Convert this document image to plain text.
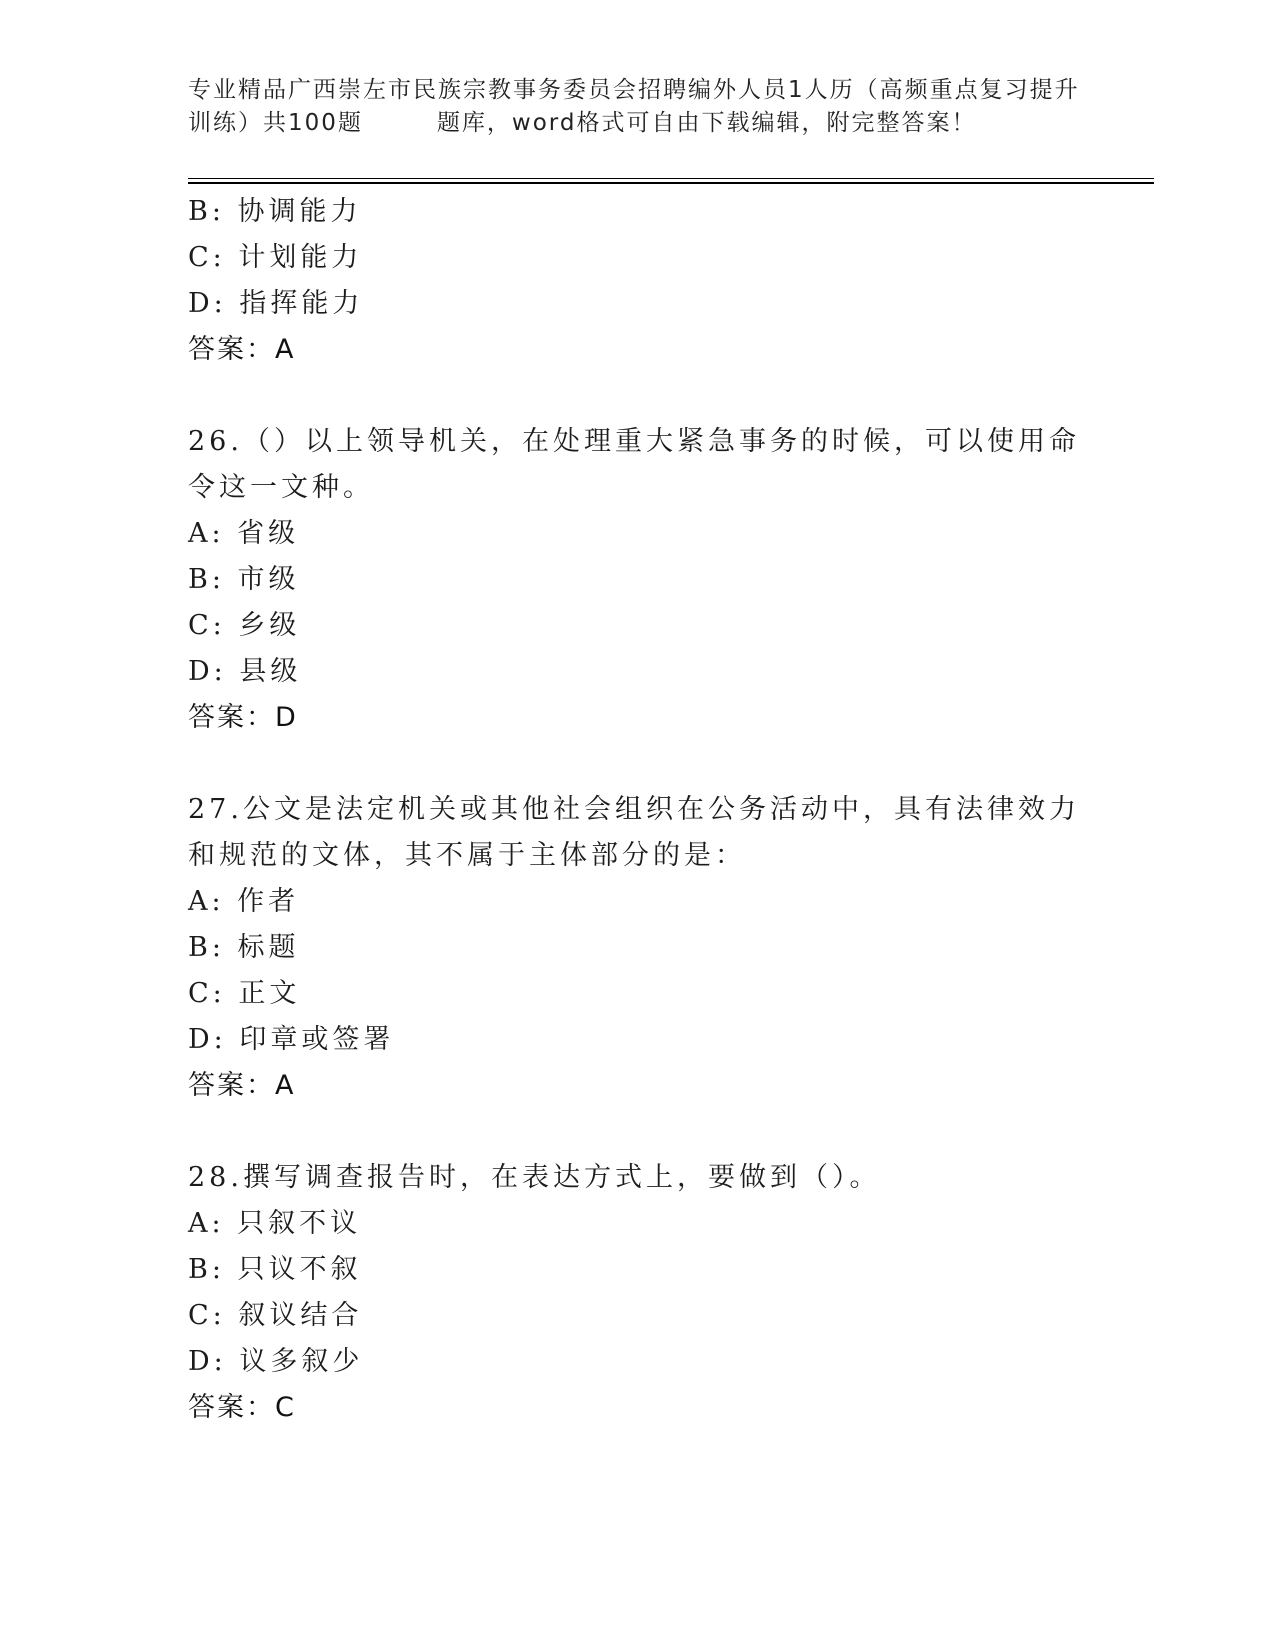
专业精品广西崇左市民族宗教事务委员会招聘编外人员1人历（高频重点复习提升
训练）共100题	题库，word格式可自由下载编辑，附完整答案！
B: 协调能力
C: 计划能力
D: 指挥能力
答案：A
26.（）以上领导机关，在处理重大紧急事务的时候，可以使用命令这一文种。
A: 省级
B: 市级
C: 乡级
D: 县级
答案：D
27.公文是法定机关或其他社会组织在公务活动中，具有法律效力和规范的文体，其不属于主体部分的是：
A: 作者
B: 标题
C: 正文
D: 印章或签署
答案：A
28.撰写调查报告时，在表达方式上，要做到（）。
A: 只叙不议
B: 只议不叙
C: 叙议结合
D: 议多叙少
答案：C
